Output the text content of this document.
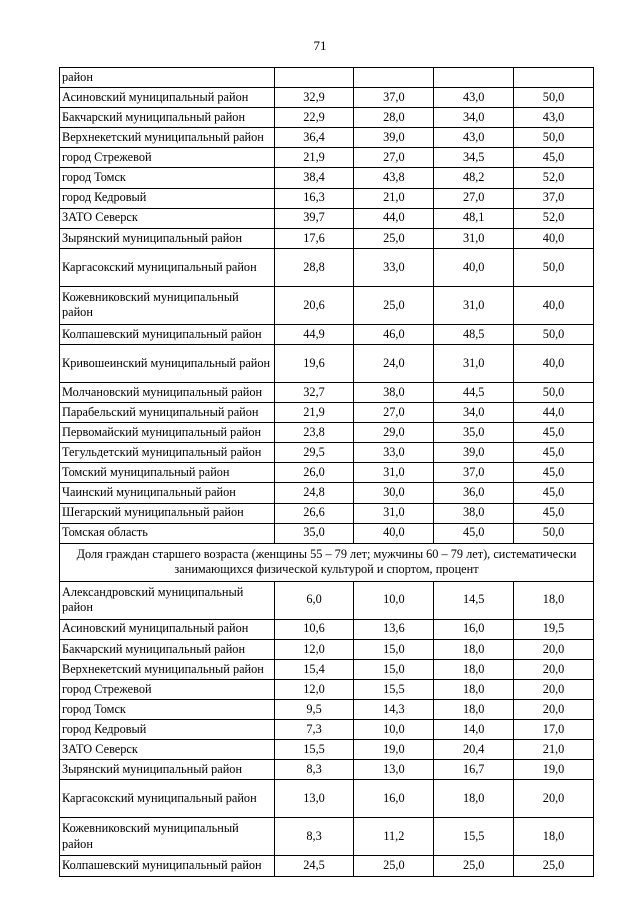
71
район				
Асиновский муниципальный район	32,9	37,0	43,0	50,0
Бакчарский муниципальный район	22,9	28,0	34,0	43,0
Верхнекетский муниципальный район	36,4	39,0	43,0	50,0
город Стрежевой	21,9	27,0	34,5	45,0
город Томск	38,4	43,8	48,2	52,0
город Кедровый	16,3	21,0	27,0	37,0
ЗАТО Северск	39,7	44,0	48,1	52,0
Зырянский муниципальный район	17,6	25,0	31,0	40,0
Каргасокский муниципальный район	28,8	33,0	40,0	50,0
Кожевниковский муниципальный район	20,6	25,0	31,0	40,0
Колпашевский муниципальный район	44,9	46,0	48,5	50,0
Кривошеинский муниципальный район	19,6	24,0	31,0	40,0
Молчановский муниципальный район	32,7	38,0	44,5	50,0
Парабельский муниципальный район	21,9	27,0	34,0	44,0
Первомайский муниципальный район	23,8	29,0	35,0	45,0
Тегульдетский муниципальный район	29,5	33,0	39,0	45,0
Томский муниципальный район	26,0	31,0	37,0	45,0
Чаинский муниципальный район	24,8	30,0	36,0	45,0
Шегарский муниципальный район	26,6	31,0	38,0	45,0
Томская область	35,0	40,0	45,0	50,0
Доля граждан старшего возраста (женщины 55 – 79 лет; мужчины 60 – 79 лет), систематически занимающихся физической культурой и спортом, процент				
Александровский муниципальный район	6,0	10,0	14,5	18,0
Асиновский муниципальный район	10,6	13,6	16,0	19,5
Бакчарский муниципальный район	12,0	15,0	18,0	20,0
Верхнекетский муниципальный район	15,4	15,0	18,0	20,0
город Стрежевой	12,0	15,5	18,0	20,0
город Томск	9,5	14,3	18,0	20,0
город Кедровый	7,3	10,0	14,0	17,0
ЗАТО Северск	15,5	19,0	20,4	21,0
Зырянский муниципальный район	8,3	13,0	16,7	19,0
Каргасокский муниципальный район	13,0	16,0	18,0	20,0
Кожевниковский муниципальный район	8,3	11,2	15,5	18,0
Колпашевский муниципальный район	24,5	25,0	25,0	25,0
